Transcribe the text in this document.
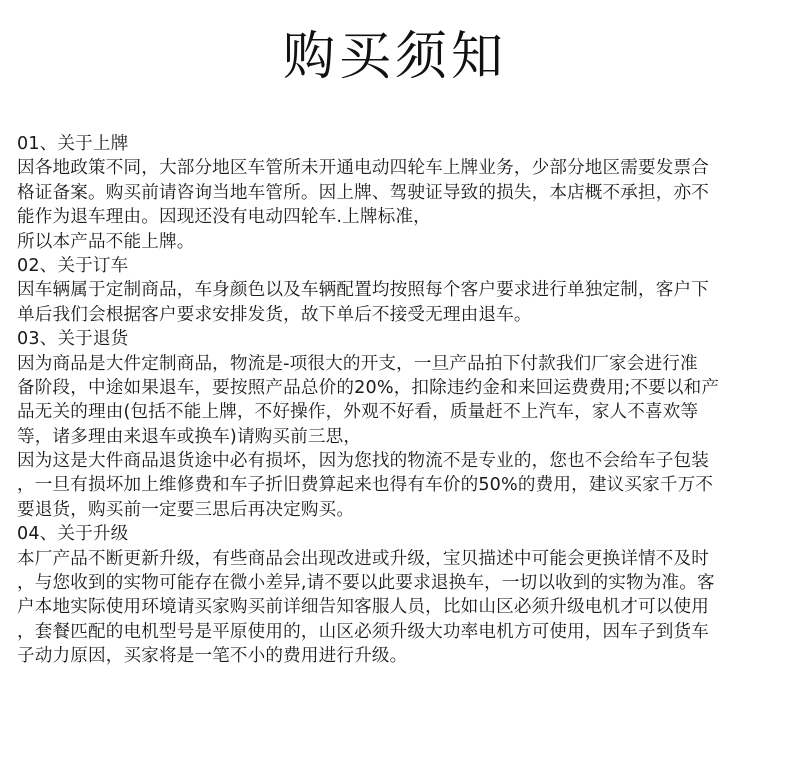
购买须知
01、关于上牌
因各地政策不同，大部分地区车管所未开通电动四轮车上牌业务，少部分地区需要发票合
格证备案。购买前请咨询当地车管所。因上牌、驾驶证导致的损失，本店概不承担，亦不
能作为退车理由。因现还没有电动四轮车.上牌标准，
所以本产品不能上牌。
02、关于订车
因车辆属于定制商品，车身颜色以及车辆配置均按照每个客户要求进行单独定制，客户下
单后我们会根据客户要求安排发货，故下单后不接受无理由退车。
03、关于退货
因为商品是大件定制商品，物流是-项很大的开支，一旦产品拍下付款我们厂家会进行准
备阶段，中途如果退车，要按照产品总价的20%，扣除违约金和来回运费费用;不要以和产
品无关的理由(包括不能上牌，不好操作，外观不好看，质量赶不上汽车，家人不喜欢等
等，诸多理由来退车或换车)请购买前三思，
因为这是大件商品退货途中必有损坏，因为您找的物流不是专业的，您也不会给车子包装
，一旦有损坏加上维修费和车子折旧费算起来也得有车价的50%的费用，建议买家千万不
要退货，购买前一定要三思后再决定购买。
04、关于升级
本厂产品不断更新升级，有些商品会出现改进或升级，宝贝描述中可能会更换详情不及时
，与您收到的实物可能存在微小差异,请不要以此要求退换车，一切以收到的实物为准。客
户本地实际使用环境请买家购买前详细告知客服人员，比如山区必须升级电机才可以使用
，套餐匹配的电机型号是平原使用的，山区必须升级大功率电机方可使用，因车子到货车
子动力原因，买家将是一笔不小的费用进行升级。
